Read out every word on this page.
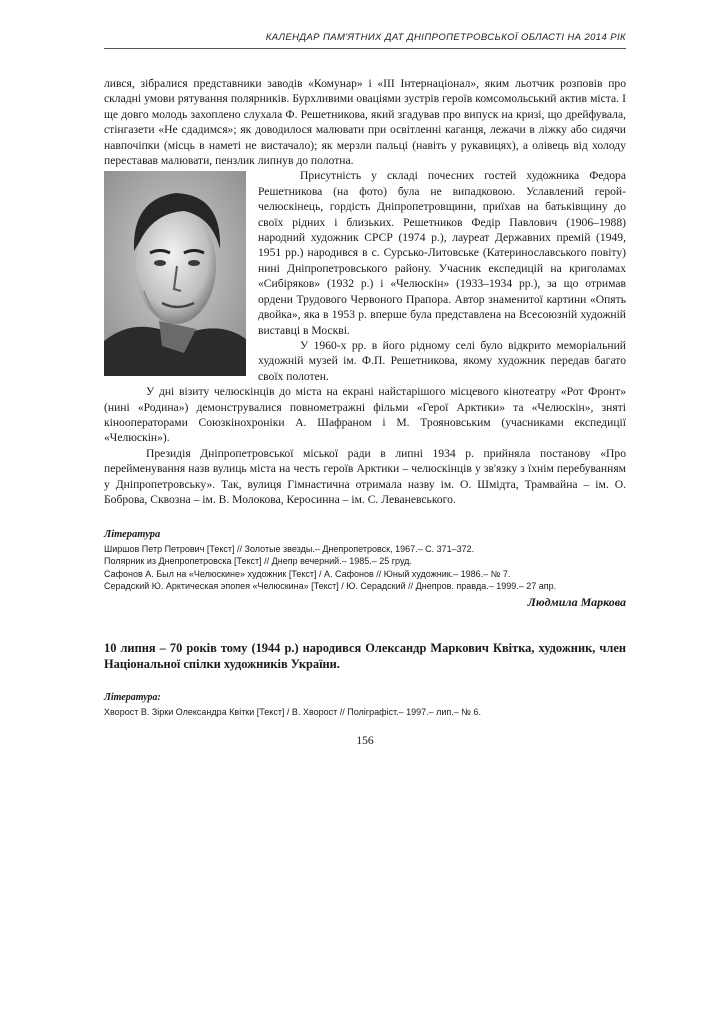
КАЛЕНДАР ПАМ'ЯТНИХ ДАТ ДНІПРОПЕТРОВСЬКОЇ ОБЛАСТІ НА 2014 РІК

лився, зібралися представники заводів «Комунар» і «ІІІ Інтернаціонал», яким льотчик розповів про складні умови рятування полярників. Бурхливими оваціями зустрів героїв комсомольський актив міста. І ще довго молодь захоплено слухала Ф. Решетникова, який згадував про випуск на кризі, що дрейфувала, стінгазети «Не сдадимся»; як доводилося малювати при освітленні каганця, лежачи в ліжку або сидячи навпочіпки (місць в наметі не вистачало); як мерзли пальці (навіть у рукавицях), а олівець від холоду переставав малювати, пензлик липнув до полотна.

Присутність у складі почесних гостей художника Федора Решетникова (на фото) була не випадковою. Уславлений герой-челюскінець, гордість Дніпропетровщини, приїхав на батьківщину до своїх рідних і близьких. Решетников Федір Павлович (1906–1988) народний художник СРСР (1974 р.), лауреат Державних премій (1949, 1951 рр.) народився в с. Сурсько-Литовське (Катеринославського повіту) нині Дніпропетровського району. Учасник експедицій на криголамах «Сибіряков» (1932 р.) і «Челюскін» (1933–1934 рр.), за що отримав ордени Трудового Червоного Прапора. Автор знаменитої картини «Опять двойка», яка в 1953 р. вперше була представлена на Всесоюзній художній виставці в Москві.

У 1960-х рр. в його рідному селі було відкрито меморіальний художній музей ім. Ф.П. Решетникова, якому художник передав багато своїх полотен.

У дні візиту челюскінців до міста на екрані найстарішого місцевого кінотеатру «Рот Фронт» (нині «Родина») демонструвалися повнометражні фільми «Герої Арктики» та «Челюскін», зняті кінооператорами Союзкінохроніки А. Шафраном і М. Трояновським (учасниками експедиції «Челюскін»).

Президія Дніпропетровської міської ради в липні 1934 р. прийняла постанову «Про перейменування назв вулиць міста на честь героїв Арктики – челюскінців у зв'язку з їхнім перебуванням у Дніпропетровську». Так, вулиця Гімнастична отримала назву ім. О. Шмідта, Трамвайна – ім. О. Боброва, Сквозна – ім. В. Молокова, Керосинна – ім. С. Леваневського.

Література
Ширшов Петр Петрович [Текст] // Золотые звезды.– Днепропетровск, 1967.– С. 371–372.
Полярник из Днепропетровска [Текст] // Днепр вечерний.– 1985.– 25 груд.
Сафонов А. Был на «Челюскине» художник [Текст] / А. Сафонов // Юный художник.– 1986.– № 7.
Серадский Ю. Арктическая эпопея «Челюскина» [Текст] / Ю. Серадский // Днепров. правда.– 1999.– 27 апр.
Людмила Маркова
10 липня – 70 років тому (1944 р.) народився Олександр Маркович Квітка, художник, член Національної спілки художників України.
Література:
Хворост В. Зірки Олександра Квітки [Текст] / В. Хворост // Поліграфіст.– 1997.– лип.– № 6.
156
